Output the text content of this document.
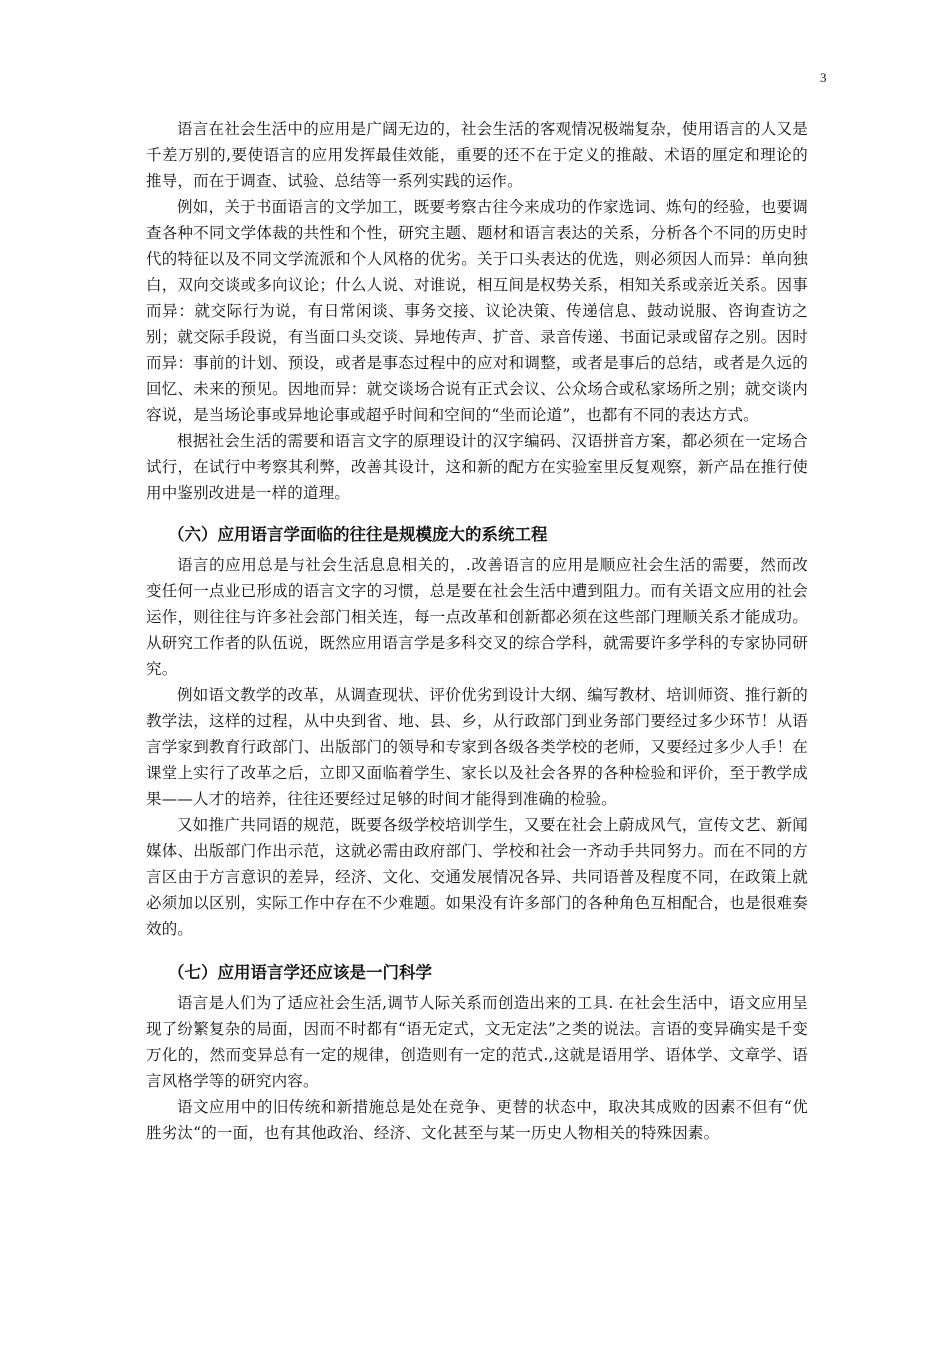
3

语言在社会生活中的应用是广阔无边的，社会生活的客观情况极端复杂，使用语言的人又是千差万别的,要使语言的应用发挥最佳效能，重要的还不在于定义的推敲、术语的厘定和理论的推导，而在于调查、试验、总结等一系列实践的运作。

例如，关于书面语言的文学加工，既要考察古往今来成功的作家选词、炼句的经验，也要调查各种不同文学体裁的共性和个性，研究主题、题材和语言表达的关系，分析各个不同的历史时代的特征以及不同文学流派和个人风格的优劣。关于口头表达的优选，则必须因人而异：单向独白，双向交谈或多向议论；什么人说、对谁说，相互间是权势关系，相知关系或亲近关系。因事而异：就交际行为说，有日常闲谈、事务交接、议论决策、传递信息、鼓动说服、咨询查访之别；就交际手段说，有当面口头交谈、异地传声、扩音、录音传递、书面记录或留存之别。因时而异：事前的计划、预设，或者是事态过程中的应对和调整，或者是事后的总结，或者是久远的回忆、未来的预见。因地而异：就交谈场合说有正式会议、公众场合或私家场所之别；就交谈内容说，是当场论事或异地论事或超乎时间和空间的“坐而论道”，也都有不同的表达方式。

根据社会生活的需要和语言文字的原理设计的汉字编码、汉语拼音方案，都必须在一定场合试行，在试行中考察其利弊，改善其设计，这和新的配方在实验室里反复观察，新产品在推行使用中鉴别改进是一样的道理。

（六）应用语言学面临的往往是规模庞大的系统工程

语言的应用总是与社会生活息息相关的，.改善语言的应用是顺应社会生活的需要，然而改变任何一点业已形成的语言文字的习惯，总是要在社会生活中遭到阻力。而有关语文应用的社会运作，则往往与许多社会部门相关连，每一点改革和创新都必须在这些部门理顺关系才能成功。从研究工作者的队伍说，既然应用语言学是多科交叉的综合学科，就需要许多学科的专家协同研究。

例如语文教学的改革，从调查现状、评价优劣到设计大纲、编写教材、培训师资、推行新的教学法，这样的过程，从中央到省、地、县、乡，从行政部门到业务部门要经过多少环节！从语言学家到教育行政部门、出版部门的领导和专家到各级各类学校的老师，又要经过多少人手！在课堂上实行了改革之后，立即又面临着学生、家长以及社会各界的各种检验和评价，至于教学成果——人才的培养，往往还要经过足够的时间才能得到准确的检验。

又如推广共同语的规范，既要各级学校培训学生，又要在社会上蔚成风气，宣传文艺、新闻媒体、出版部门作出示范，这就必需由政府部门、学校和社会一齐动手共同努力。而在不同的方言区由于方言意识的差异，经济、文化、交通发展情况各异、共同语普及程度不同，在政策上就必须加以区别，实际工作中存在不少难题。如果没有许多部门的各种角色互相配合，也是很难奏效的。

（七）应用语言学还应该是一门科学

语言是人们为了适应社会生活,调节人际关系而创造出来的工具. 在社会生活中，语文应用呈现了纷繁复杂的局面，因而不时都有“语无定式，文无定法”之类的说法。言语的变异确实是千变万化的，然而变异总有一定的规律，创造则有一定的范式.,这就是语用学、语体学、文章学、语言风格学等的研究内容。

语文应用中的旧传统和新措施总是处在竞争、更替的状态中，取决其成败的因素不但有“优胜劣汰“的一面，也有其他政治、经济、文化甚至与某一历史人物相关的特殊因素。
